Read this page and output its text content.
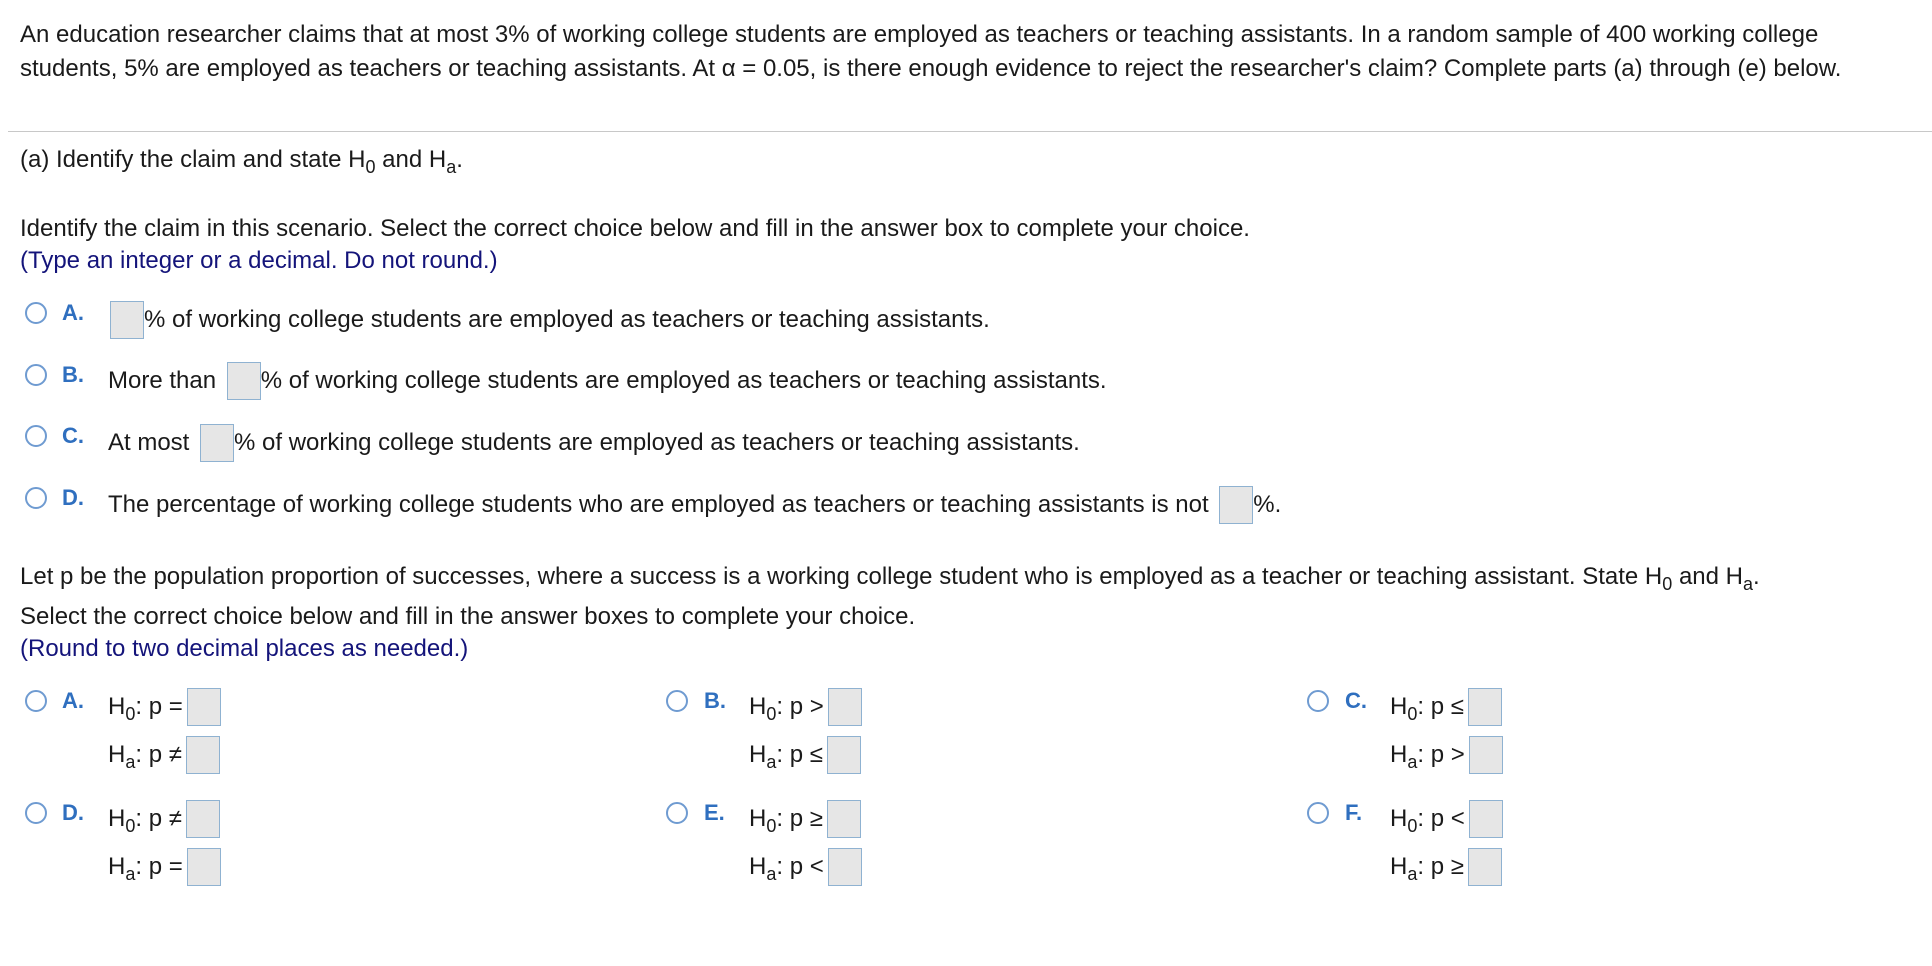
An education researcher claims that at most 3% of working college students are employed as teachers or teaching assistants. In a random sample of 400 working college students, 5% are employed as teachers or teaching assistants. At α = 0.05, is there enough evidence to reject the researcher's claim? Complete parts (a) through (e) below.
(a) Identify the claim and state $H_0$ and $H_a$.
Identify the claim in this scenario. Select the correct choice below and fill in the answer box to complete your choice.
(Type an integer or a decimal. Do not round.)
A.	% of working college students are employed as teachers or teaching assistants.
B. More than % of working college students are employed as teachers or teaching assistants.
C. At most % of working college students are employed as teachers or teaching assistants.
D. The percentage of working college students who are employed as teachers or teaching assistants is not %.
Let p be the population proportion of successes, where a success is a working college student who is employed as a teacher or teaching assistant. State $H_0$ and $H_a$.
Select the correct choice below and fill in the answer boxes to complete your choice.
(Round to two decimal places as needed.)
A. $H_0$: p =
$H_a$: p ≠
B. $H_0$: p >
$H_a$: p ≤
C. $H_0$: p ≤
$H_a$: p >
D. $H_0$: p ≠
$H_a$: p =
E. $H_0$: p ≥
$H_a$: p <
F. $H_0$: p <
$H_a$: p ≥
